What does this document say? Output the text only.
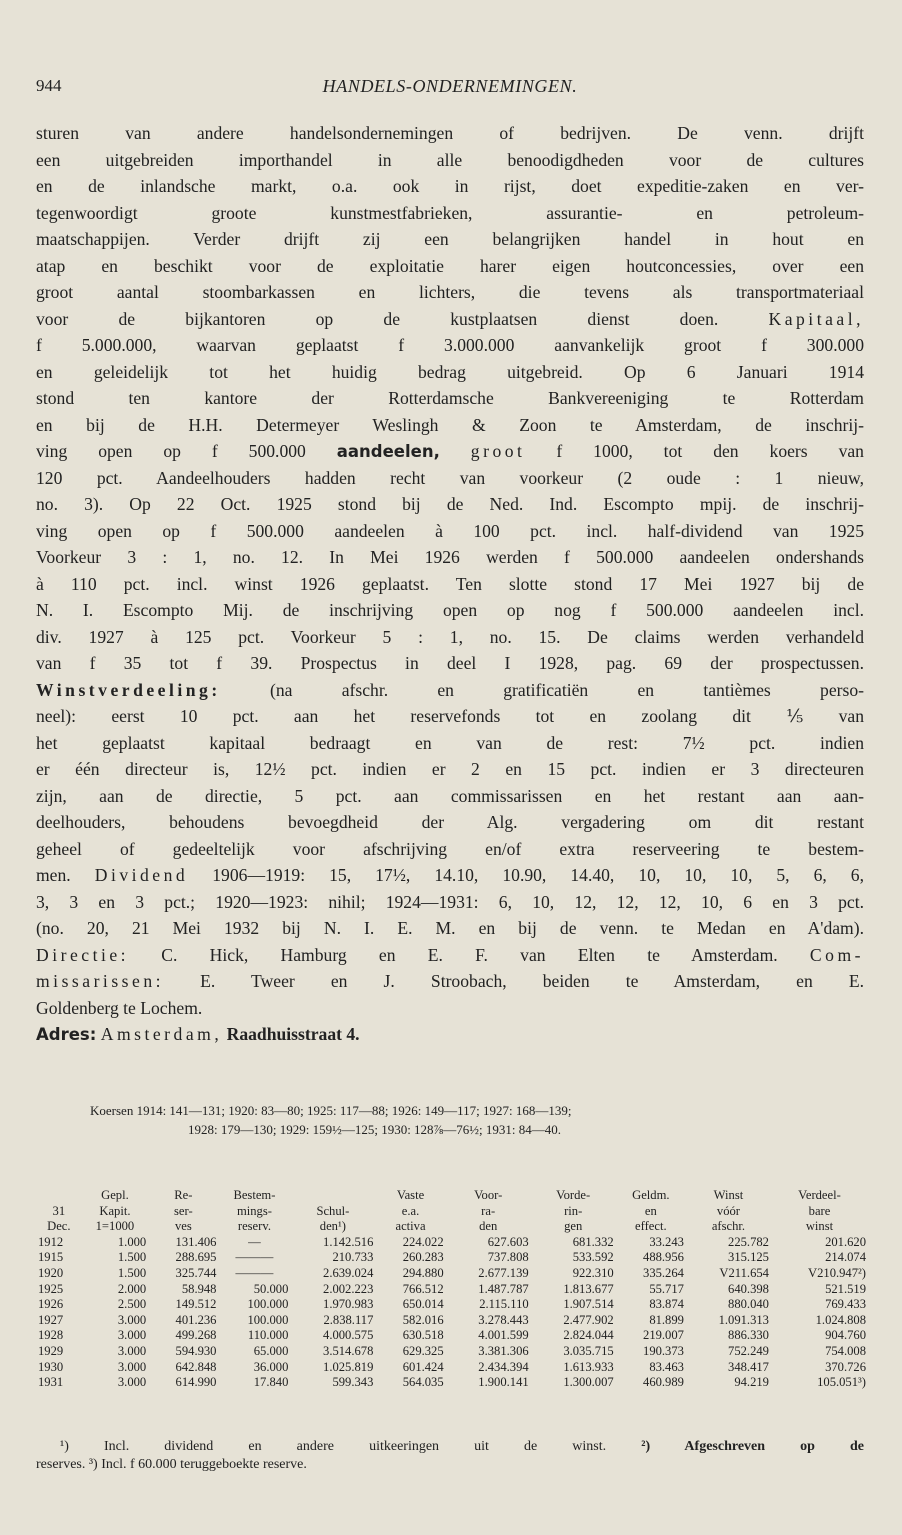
944	HANDELS-ONDERNEMINGEN.
sturen van andere handelsondernemingen of bedrijven. De venn. drijft
een uitgebreiden importhandel in alle benoodigdheden voor de cultures
en de inlandsche markt, o.a. ook in rijst, doet expeditie-zaken en ver-
tegenwoordigt groote kunstmestfabrieken, assurantie- en petroleum-
maatschappijen. Verder drijft zij een belangrijken handel in hout en
atap en beschikt voor de exploitatie harer eigen houtconcessies, over een
groot aantal stoombarkassen en lichters, die tevens als transportmateriaal
voor de bijkantoren op de kustplaatsen dienst doen.	Kapitaal,
f 5.000.000, waarvan geplaatst f 3.000.000 aanvankelijk groot f 300.000
en geleidelijk tot het huidig bedrag uitgebreid. Op 6 Januari 1914
stond ten kantore der Rotterdamsche Bankvereeniging te Rotterdam
en bij de H.H. Determeyer Weslingh & Zoon te Amsterdam, de inschrij-
ving open op f 500.000 aandeelen, groot f 1000, tot den koers van
120 pct. Aandeelhouders hadden recht van voorkeur (2 oude : 1 nieuw,
no. 3). Op 22 Oct. 1925 stond bij de Ned. Ind. Escompto mpij. de inschrij-
ving open op f 500.000 aandeelen à 100 pct. incl. half-dividend van 1925
Voorkeur 3 : 1, no. 12. In Mei 1926 werden f 500.000 aandeelen ondershands
à 110 pct. incl. winst 1926 geplaatst. Ten slotte stond 17 Mei 1927 bij de
N. I. Escompto Mij. de inschrijving open op nog f 500.000 aandeelen incl.
div. 1927 à 125 pct. Voorkeur 5 : 1, no. 15. De claims werden verhandeld
van f 35 tot f 39. Prospectus in deel I 1928, pag. 69 der prospectussen.
Winstverdeeling:	(na afschr. en gratificatiën en tantièmes perso-
neel): eerst 10 pct. aan het reservefonds tot en zoolang dit ⅕ van
het geplaatst kapitaal bedraagt en van de rest: 7½ pct. indien
er één directeur is, 12½ pct. indien er 2 en 15 pct. indien er 3 directeuren
zijn, aan de directie, 5 pct. aan commissarissen en het restant aan aan-
deelhouders, behoudens bevoegdheid der Alg. vergadering om dit restant
geheel of gedeeltelijk voor afschrijving en/of extra reserveering te bestem-
men. Dividend 1906—1919: 15, 17½, 14.10, 10.90, 14.40, 10, 10, 10, 5, 6, 6,
3, 3 en 3 pct.; 1920—1923: nihil; 1924—1931: 6, 10, 12, 12, 12, 10, 6 en 3 pct.
(no. 20, 21 Mei 1932 bij N. I. E. M. en bij de venn. te Medan en A'dam).
Directie: C. Hick, Hamburg en E. F. van Elten te Amsterdam. Com-
missarissen: E. Tweer en J. Stroobach, beiden te Amsterdam, en E.
Goldenberg te Lochem.
Adres: Amsterdam, Raadhuisstraat 4.
Koersen 1914: 141—131; 1920: 83—80; 1925: 117—88; 1926: 149—117; 1927: 168—139;
1928: 179—130; 1929: 159½—125; 1930: 128⅞—76½; 1931: 84—40.
	Gepl.	Re-	Bestem-		Vaste	Voor-	Vorde-	Geldm.	Winst	Verdeel-
31	Kapit.	ser-	mings-	Schul-	e.a.	ra-	rin-	en	vóór	bare
Dec.	1=1000	ves	reserv.	den¹)	activa	den	gen	effect.	afschr.	winst
1912	1.000	131.406	—	1.142.516	224.022	627.603	681.332	33.243	225.782	201.620
1915	1.500	288.695	———	210.733	260.283	737.808	533.592	488.956	315.125	214.074
1920	1.500	325.744	———	2.639.024	294.880	2.677.139	922.310	335.264	V211.654	V210.947²)
1925	2.000	58.948	50.000	2.002.223	766.512	1.487.787	1.813.677	55.717	640.398	521.519
1926	2.500	149.512	100.000	1.970.983	650.014	2.115.110	1.907.514	83.874	880.040	769.433
1927	3.000	401.236	100.000	2.838.117	582.016	3.278.443	2.477.902	81.899	1.091.313	1.024.808
1928	3.000	499.268	110.000	4.000.575	630.518	4.001.599	2.824.044	219.007	886.330	904.760
1929	3.000	594.930	65.000	3.514.678	629.325	3.381.306	3.035.715	190.373	752.249	754.008
1930	3.000	642.848	36.000	1.025.819	601.424	2.434.394	1.613.933	83.463	348.417	370.726
1931	3.000	614.990	17.840	599.343	564.035	1.900.141	1.300.007	460.989	94.219	105.051³)
¹) Incl. dividend en andere uitkeeringen uit de winst.	²) Afgeschreven op de
reserves. ³) Incl. f 60.000 teruggeboekte reserve.
